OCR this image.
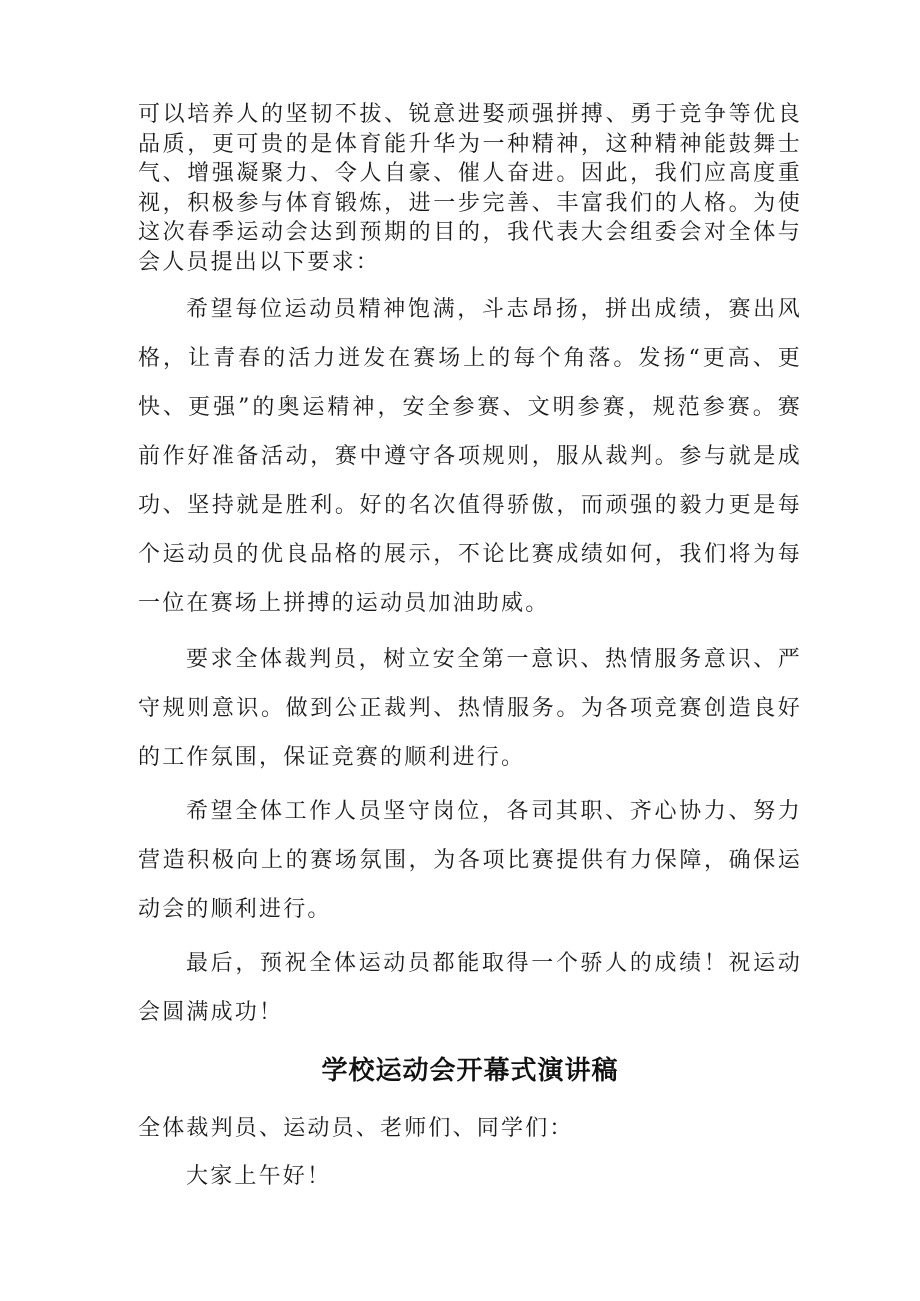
可以培养人的坚韧不拔、锐意进娶顽强拼搏、勇于竞争等优良品质，更可贵的是体育能升华为一种精神，这种精神能鼓舞士气、增强凝聚力、令人自豪、催人奋进。因此，我们应高度重视，积极参与体育锻炼，进一步完善、丰富我们的人格。为使这次春季运动会达到预期的目的，我代表大会组委会对全体与会人员提出以下要求：

希望每位运动员精神饱满，斗志昂扬，拼出成绩，赛出风格，让青春的活力迸发在赛场上的每个角落。发扬“更高、更快、更强”的奥运精神，安全参赛、文明参赛，规范参赛。赛前作好准备活动，赛中遵守各项规则，服从裁判。参与就是成功、坚持就是胜利。好的名次值得骄傲，而顽强的毅力更是每个运动员的优良品格的展示，不论比赛成绩如何，我们将为每一位在赛场上拼搏的运动员加油助威。

要求全体裁判员，树立安全第一意识、热情服务意识、严守规则意识。做到公正裁判、热情服务。为各项竞赛创造良好的工作氛围，保证竞赛的顺利进行。

希望全体工作人员坚守岗位，各司其职、齐心协力、努力营造积极向上的赛场氛围，为各项比赛提供有力保障，确保运动会的顺利进行。

最后，预祝全体运动员都能取得一个骄人的成绩！祝运动会圆满成功！

学校运动会开幕式演讲稿

全体裁判员、运动员、老师们、同学们：

大家上午好！
